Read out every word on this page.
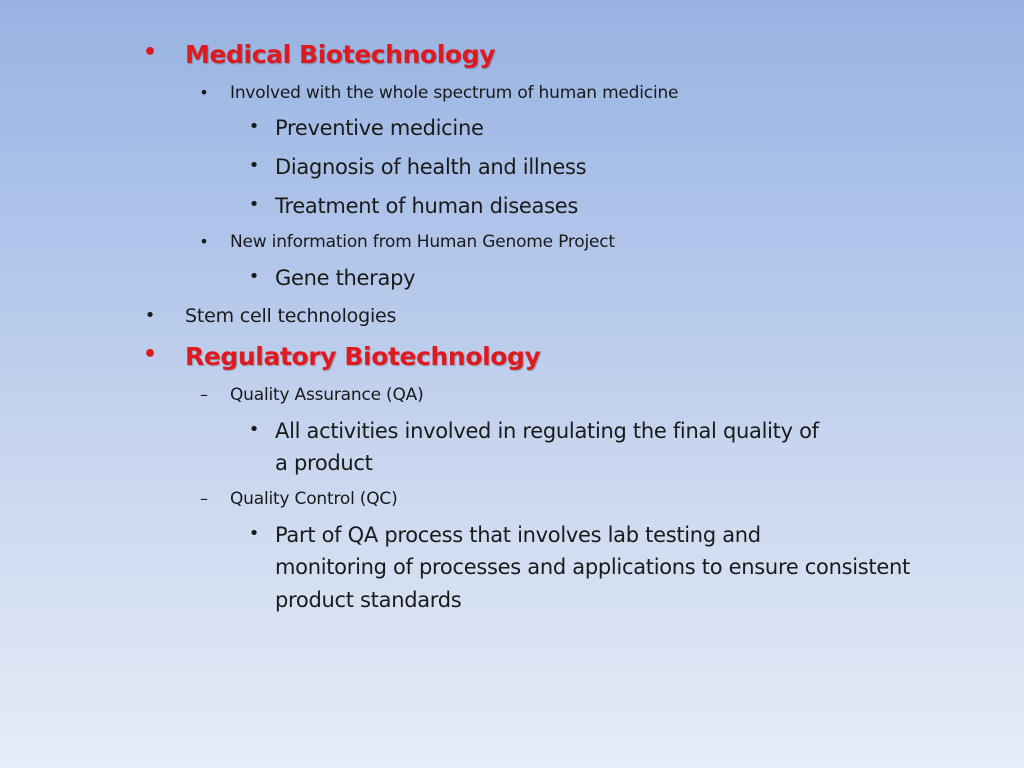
• Medical Biotechnology
•	Involved with the whole spectrum of human medicine
• Preventive medicine
• Diagnosis of health and illness
• Treatment of human diseases
•	New information from Human Genome Project
• Gene therapy
• Stem cell technologies
• Regulatory Biotechnology
–	Quality Assurance (QA)
• All activities involved in regulating the final quality of
a product
–	Quality Control (QC)
• Part of QA process that involves lab testing and
monitoring of processes and applications to ensure consistent
product standards
